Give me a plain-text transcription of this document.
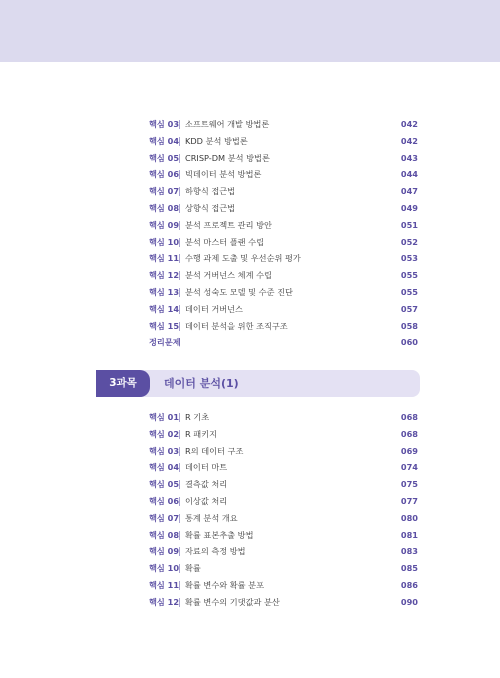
핵심 03 소프트웨어 개발 방법론	042
핵심 04 KDD 분석 방법론	042
핵심 05 CRISP-DM 분석 방법론	043
핵심 06 빅데이터 분석 방법론	044
핵심 07 하향식 접근법	047
핵심 08 상향식 접근법	049
핵심 09 분석 프로젝트 관리 방안	051
핵심 10 분석 마스터 플랜 수립	052
핵심 11 수행 과제 도출 및 우선순위 평가	053
핵심 12 분석 거버넌스 체계 수립	055
핵심 13 분석 성숙도 모델 및 수준 진단	055
핵심 14 데이터 거버넌스	057
핵심 15 데이터 분석을 위한 조직구조	058
정리문제	060
3과목	데이터 분석(1)
핵심 01 R 기초	068
핵심 02 R 패키지	068
핵심 03 R의 데이터 구조	069
핵심 04 데이터 마트	074
핵심 05 결측값 처리	075
핵심 06 이상값 처리	077
핵심 07 통계 분석 개요	080
핵심 08 확률 표본추출 방법	081
핵심 09 자료의 측정 방법	083
핵심 10 확률	085
핵심 11 확률 변수와 확률 분포	086
핵심 12 확률 변수의 기댓값과 분산	090
